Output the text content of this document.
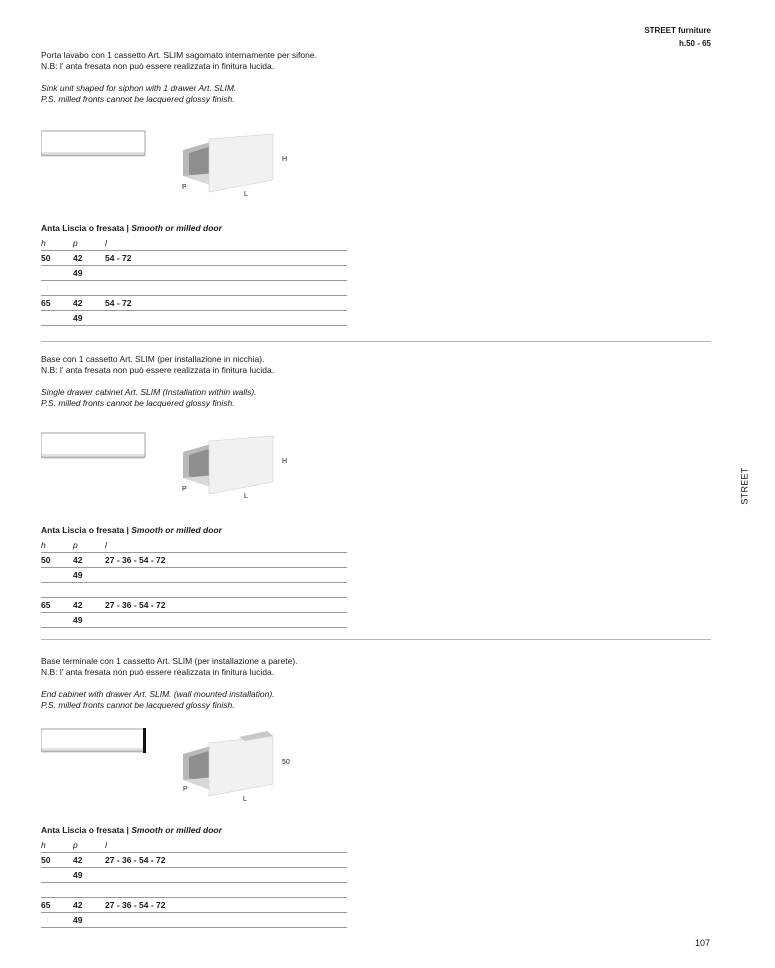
STREET furniture
h.50 - 65
STREET
107

Porta lavabo con 1 cassetto Art. SLIM sagomato internamente per sifone.

N.B: l’ anta fresata non può essere realizzata in finitura lucida.

Sink unit shaped for siphon with 1 drawer Art. SLIM.

P.S. milled fronts cannot be lacquered glossy finish.

H
P
L
Anta Liscia o fresata | Smooth or milled door
h	p	l
50	42	54 - 72
	49	

65	42	54 - 72
	49	

Base con 1 cassetto Art. SLIM (per installazione in nicchia).

N.B: l’ anta fresata non può essere realizzata in finitura lucida.

Single drawer cabinet Art. SLIM (Installation within walls).

P.S. milled fronts cannot be lacquered glossy finish.

H
P
L
Anta Liscia o fresata | Smooth or milled door
h	p	l
50	42	27 - 36 - 54 - 72
	49	

65	42	27 - 36 - 54 - 72
	49	

Base terminale con 1 cassetto Art. SLIM (per installazione a parete).

N.B: l’ anta fresata non può essere realizzata in finitura lucida.

End cabinet with drawer Art. SLIM. (wall mounted installation).

P.S. milled fronts cannot be lacquered glossy finish.

50
P
L
Anta Liscia o fresata | Smooth or milled door
h	p	l
50	42	27 - 36 - 54 - 72
	49	

65	42	27 - 36 - 54 - 72
	49	
